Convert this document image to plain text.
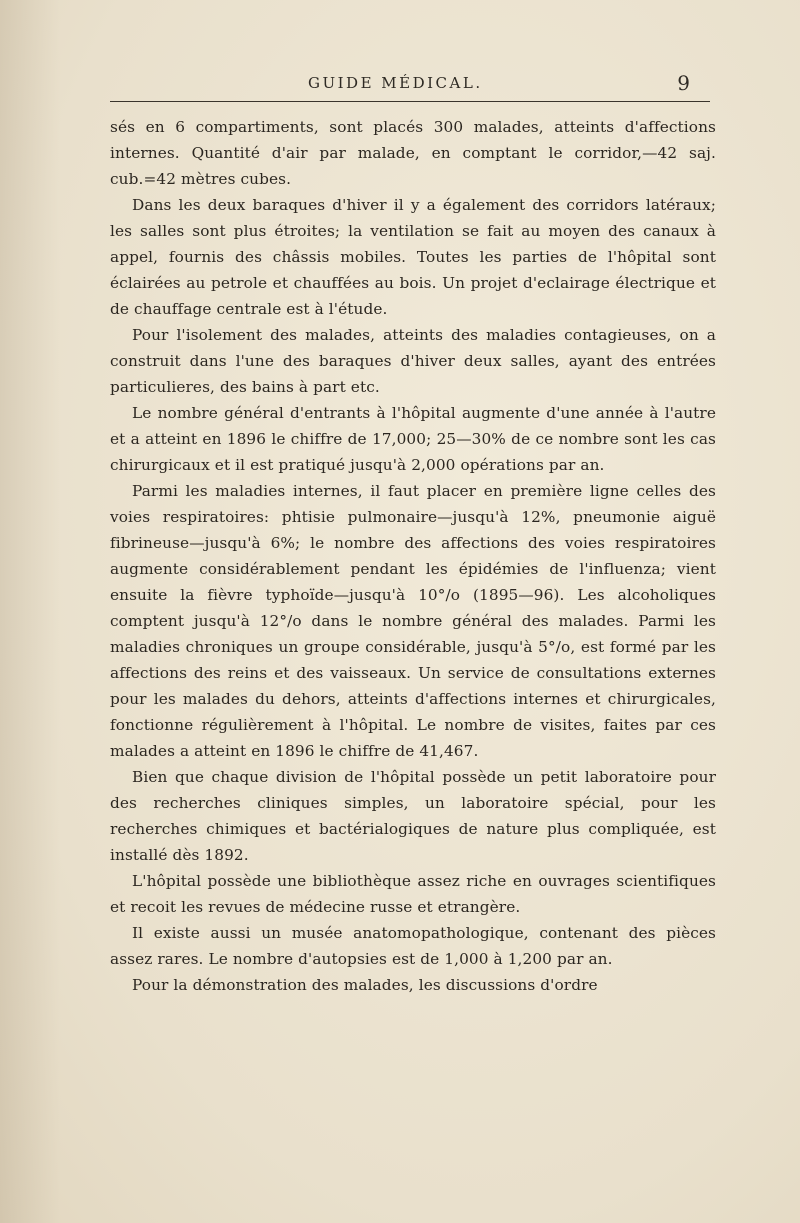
GUIDE MÉDICAL.	9

sés en 6 compartiments, sont placés 300 malades, atteints d'affections internes. Quantité d'air par malade, en comptant le corridor,—42 saj. cub.=42 mètres cubes.

Dans les deux baraques d'hiver il y a également des corridors latéraux; les salles sont plus étroites; la ventilation se fait au moyen des canaux à appel, fournis des châssis mobiles. Toutes les parties de l'hôpital sont éclairées au petrole et chauffées au bois. Un projet d'eclairage électrique et de chauffage centrale est à l'étude.

Pour l'isolement des malades, atteints des maladies contagieuses, on a construit dans l'une des baraques d'hiver deux salles, ayant des entrées particulieres, des bains à part etc.

Le nombre général d'entrants à l'hôpital augmente d'une année à l'autre et a atteint en 1896 le chiffre de 17,000; 25—30% de ce nombre sont les cas chirurgicaux et il est pratiqué jusqu'à 2,000 opérations par an.

Parmi les maladies internes, il faut placer en première ligne celles des voies respiratoires: phtisie pulmonaire—jusqu'à 12%, pneumonie aiguë fibrineuse—jusqu'à 6%; le nombre des affections des voies respiratoires augmente considérablement pendant les épidémies de l'influenza; vient ensuite la fièvre typhoïde—jusqu'à 10°/o (1895—96). Les alcoholiques comptent jusqu'à 12°/o dans le nombre général des malades. Parmi les maladies chroniques un groupe considérable, jusqu'à 5°/o, est formé par les affections des reins et des vaisseaux. Un service de consultations externes pour les malades du dehors, atteints d'affections internes et chirurgicales, fonctionne régulièrement à l'hôpital. Le nombre de visites, faites par ces malades a atteint en 1896 le chiffre de 41,467.

Bien que chaque division de l'hôpital possède un petit laboratoire pour des recherches cliniques simples, un laboratoire spécial, pour les recherches chimiques et bactérialogiques de nature plus compliquée, est installé dès 1892.

L'hôpital possède une bibliothèque assez riche en ouvrages scientifiques et recoit les revues de médecine russe et etrangère.

Il existe aussi un musée anatomopathologique, contenant des pièces assez rares. Le nombre d'autopsies est de 1,000 à 1,200 par an.

Pour la démonstration des malades, les discussions d'ordre
